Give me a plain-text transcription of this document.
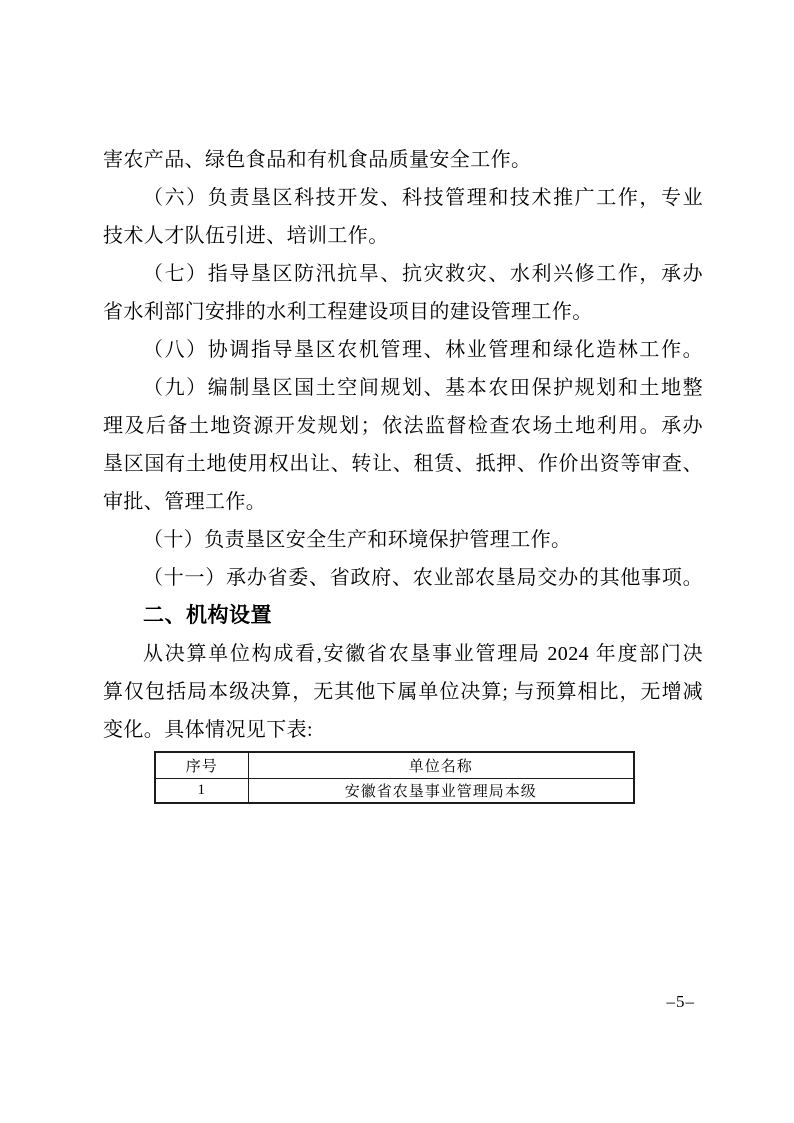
害农产品、绿色食品和有机食品质量安全工作。
（六）负责垦区科技开发、科技管理和技术推广工作，专业
技术人才队伍引进、培训工作。
（七）指导垦区防汛抗旱、抗灾救灾、水利兴修工作，承办
省水利部门安排的水利工程建设项目的建设管理工作。
（八）协调指导垦区农机管理、林业管理和绿化造林工作。
（九）编制垦区国土空间规划、基本农田保护规划和土地整
理及后备土地资源开发规划；依法监督检查农场土地利用。承办
垦区国有土地使用权出让、转让、租赁、抵押、作价出资等审查、
审批、管理工作。
（十）负责垦区安全生产和环境保护管理工作。
（十一）承办省委、省政府、农业部农垦局交办的其他事项。
二、机构设置
从决算单位构成看,安徽省农垦事业管理局 2024 年度部门决
算仅包括局本级决算，无其他下属单位决算; 与预算相比，无增减
变化。具体情况见下表:
序号	单位名称
1	安徽省农垦事业管理局本级
–5–
